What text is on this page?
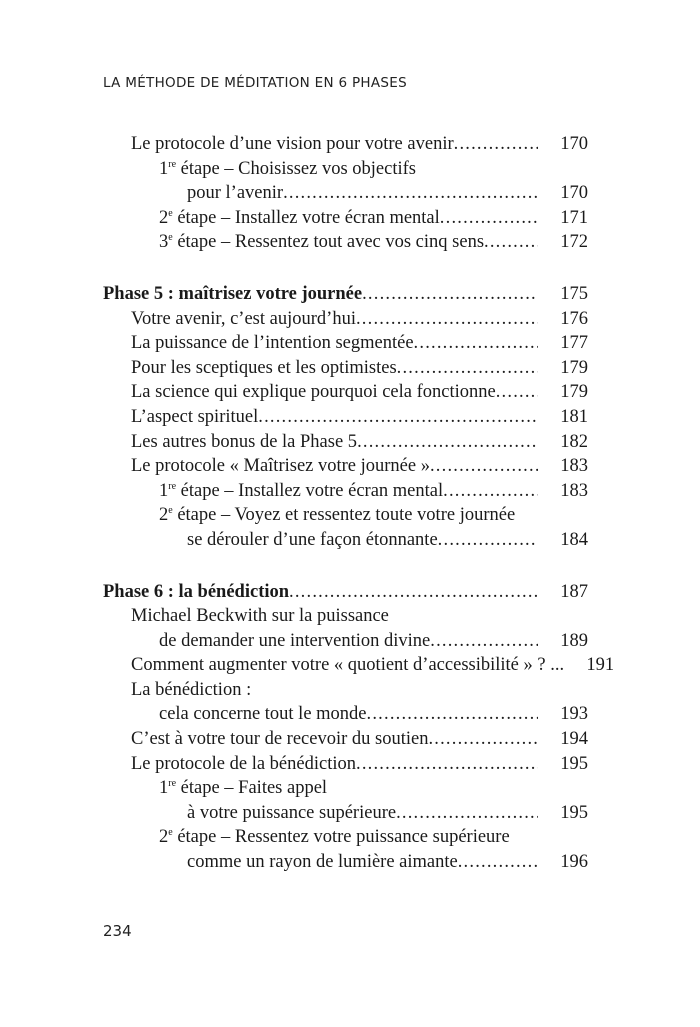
LA MÉTHODE DE MÉDITATION EN 6 PHASES
Le protocole d’une vision pour votre avenir .....	170
1re étape – Choisissez vos objectifs
pour l’avenir .....	170
2e étape – Installez votre écran mental .....	171
3e étape – Ressentez tout avec vos cinq sens .....	172
Phase 5 : maîtrisez votre journée .....	175
Votre avenir, c’est aujourd’hui .....	176
La puissance de l’intention segmentée .....	177
Pour les sceptiques et les optimistes .....	179
La science qui explique pourquoi cela fonctionne .....	179
L’aspect spirituel .....	181
Les autres bonus de la Phase 5 .....	182
Le protocole « Maîtrisez votre journée » .....	183
1re étape – Installez votre écran mental .....	183
2e étape – Voyez et ressentez toute votre journée
se dérouler d’une façon étonnante .....	184
Phase 6 : la bénédiction .....	187
Michael Beckwith sur la puissance
de demander une intervention divine .....	189
Comment augmenter votre « quotient d’accessibilité » ? ... 191
La bénédiction :
cela concerne tout le monde .....	193
C’est à votre tour de recevoir du soutien .....	194
Le protocole de la bénédiction .....	195
1re étape – Faites appel
à votre puissance supérieure .....	195
2e étape – Ressentez votre puissance supérieure
comme un rayon de lumière aimante .....	196
234
